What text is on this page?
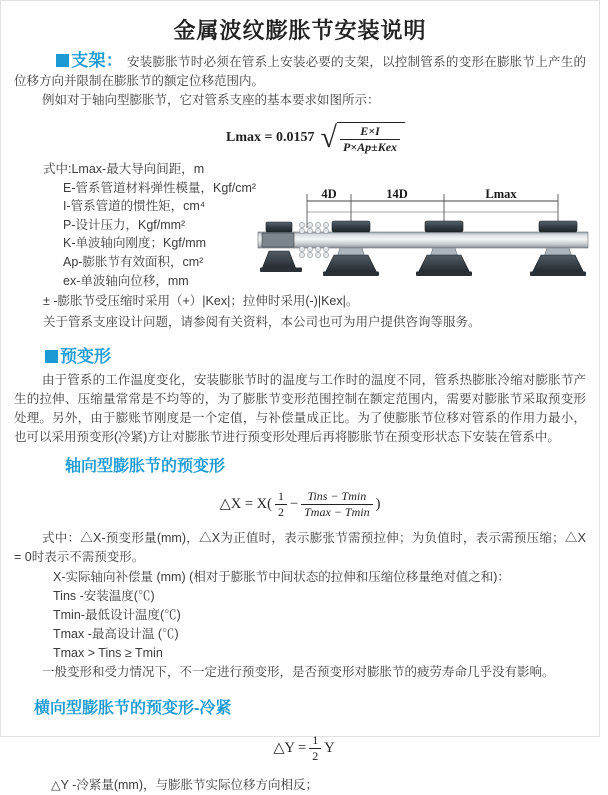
金属波纹膨胀节安装说明

支架： 安装膨胀节时必须在管系上安装必要的支架，以控制管系的变形在膨胀节上产生的位移方向并限制在膨胀节的额定位移范围内。

例如对于轴向型膨胀节，它对管系支座的基本要求如图所示：

Lmax = 0.0157 √ $\frac{E\times I}{\text{P×Ap±Kex}}$
式中:Lmax-最大导向间距，m
E-管系管道材料弹性模量，Kgf/cm²
I-管系管道的惯性矩，cm⁴
P-设计压力，Kgf/mm²
K-单波轴向刚度；Kgf/mm
Ap-膨胀节有效面积，cm²
ex-单波轴向位移，mm
4D	14D	Lmax
± -膨胀节受压缩时采用（+）|Kex|；拉伸时采用(-)|Kex|。
关于管系支座设计问题，请参阅有关资料，本公司也可为用户提供咨询等服务。
预变形

由于管系的工作温度变化，安装膨胀节时的温度与工作时的温度不同，管系热膨胀冷缩对膨胀节产生的拉伸、压缩量常常是不均等的，为了膨胀节变形范围控制在额定范围内，需要对膨胀节采取预变形处理。另外，由于膨账节刚度是一个定值，与补偿量成正比。为了使膨胀节位移对管系的作用力最小，也可以采用预变形(冷紧)方让对膨胀节进行预变形处理后再将膨胀节在预变形状态下安装在管系中。

轴向型膨胀节的预变形
△X = $X( \frac{1}{2} - \frac{\text{Tins − Tmin}}{Tmax - Tmin}$ )

式中：△X-预变形量(mm)，△X为正值时，表示膨张节需预拉伸；为负值时，表示需预压缩；△X = 0时表示不需预变形。

X-实际轴向补偿量 (mm) (相对于膨胀节中间状态的拉伸和压缩位移量绝对值之和)：

Tins -安装温度(℃)
Tmin-最低设计温度(℃)
Tmax -最高设计温 (℃)
Tmax > Tins ≥ Tmin

一般变形和受力情况下，不一定进行预变形，是否预变形对膨胀节的疲劳寿命几乎没有影响。

横向型膨胀节的预变形-冷紧
△Y = $\frac{1}{2}$ Y

△Y -冷紧量(mm)，与膨胀节实际位移方向相反；
